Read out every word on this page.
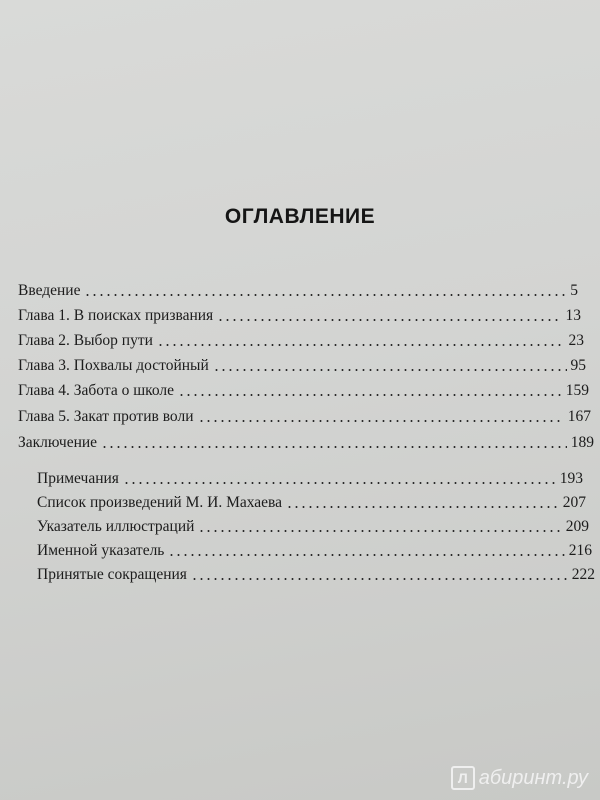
ОГЛАВЛЕНИЕ
Введение	5
Глава 1. В поисках призвания	13
Глава 2. Выбор пути	23
Глава 3. Похвалы достойный	95
Глава 4. Забота о школе	159
Глава 5. Закат против воли	167
Заключение	189
Примечания	193
Список произведений М. И. Махаева	207
Указатель иллюстраций	209
Именной указатель	216
Принятые сокращения	222
Л абиринт.ру
